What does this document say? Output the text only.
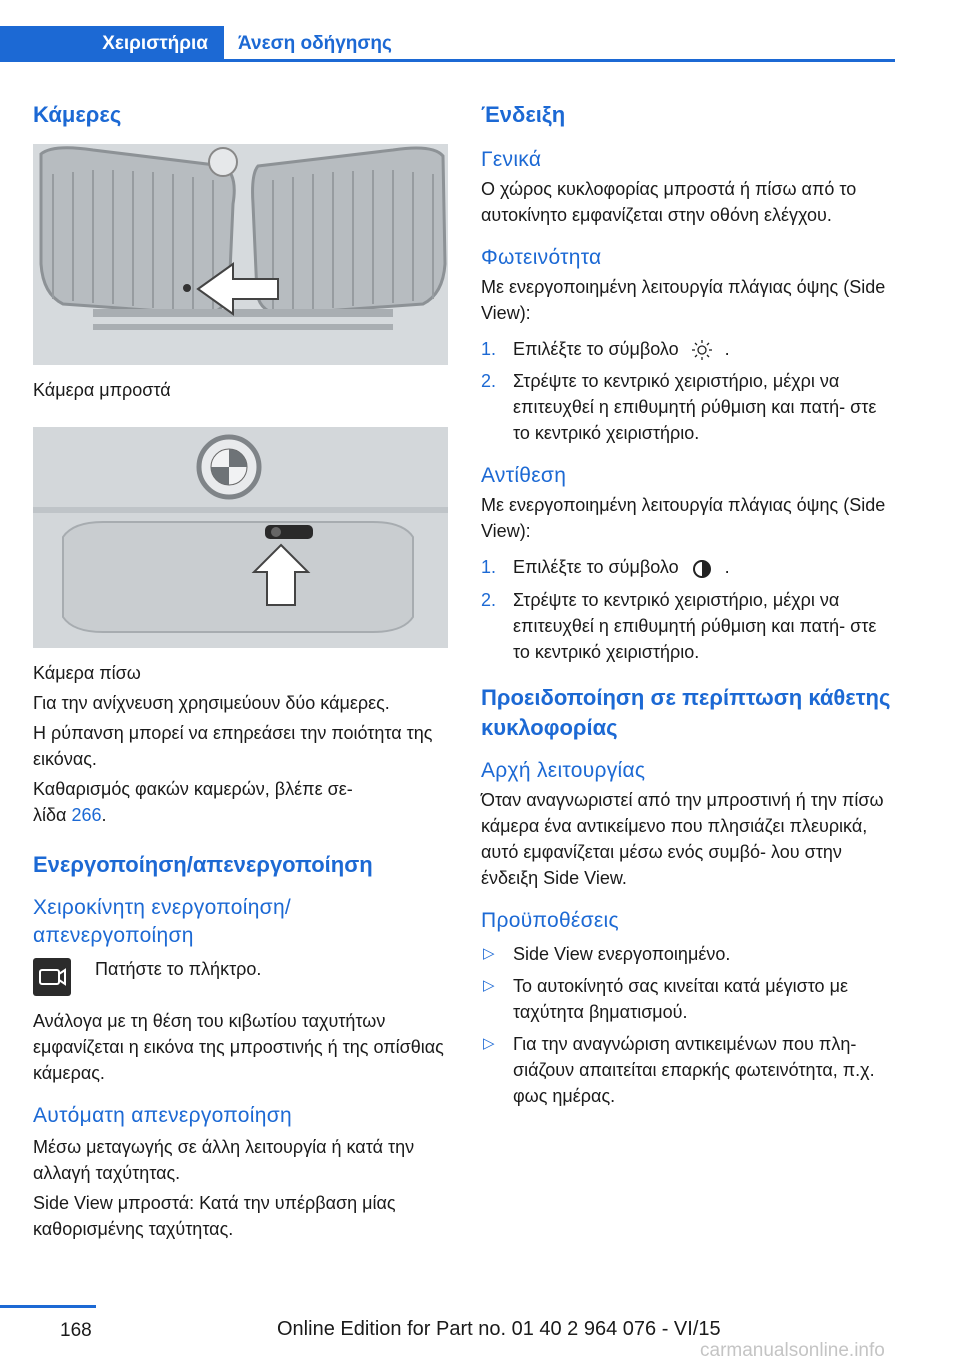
Χειριστήρια	Άνεση οδήγησης
Κάμερες

Κάμερα μπροστά

Κάμερα πίσω

Για την ανίχνευση χρησιμεύουν δύο κάμερες.

Η ρύπανση μπορεί να επηρεάσει την ποιότητα της εικόνας.

Καθαρισμός φακών καμερών, βλέπε σε-
λίδα 266.

Ενεργοποίηση/απενεργοποίηση
Χειροκίνητη ενεργοποίηση/ απενεργοποίηση

Πατήστε το πλήκτρο.

Ανάλογα με τη θέση του κιβωτίου ταχυτήτων εμφανίζεται η εικόνα της μπροστινής ή της οπίσθιας κάμερας.

Αυτόματη απενεργοποίηση

Μέσω μεταγωγής σε άλλη λειτουργία ή κατά την αλλαγή ταχύτητας.

Side View μπροστά: Κατά την υπέρβαση μίας καθορισμένης ταχύτητας.

Ένδειξη
Γενικά

Ο χώρος κυκλοφορίας μπροστά ή πίσω από το αυτοκίνητο εμφανίζεται στην οθόνη ελέγχου.

Φωτεινότητα

Με ενεργοποιημένη λειτουργία πλάγιας όψης (Side View):

1. Επιλέξτε το σύμβολο	.
2. Στρέψτε το κεντρικό χειριστήριο, μέχρι να επιτευχθεί η επιθυμητή ρύθμιση και πατή- στε το κεντρικό χειριστήριο.
Αντίθεση

Με ενεργοποιημένη λειτουργία πλάγιας όψης (Side View):

1. Επιλέξτε το σύμβολο	.
2. Στρέψτε το κεντρικό χειριστήριο, μέχρι να επιτευχθεί η επιθυμητή ρύθμιση και πατή- στε το κεντρικό χειριστήριο.
Προειδοποίηση σε περίπτωση κάθετης κυκλοφορίας
Αρχή λειτουργίας

Όταν αναγνωριστεί από την μπροστινή ή την πίσω κάμερα ένα αντικείμενο που πλησιάζει πλευρικά, αυτό εμφανίζεται μέσω ενός συμβό- λου στην ένδειξη Side View.

Προϋποθέσεις
▷ Side View ενεργοποιημένο.
▷ Το αυτοκίνητό σας κινείται κατά μέγιστο με ταχύτητα βηματισμού.
▷ Για την αναγνώριση αντικειμένων που πλη- σιάζουν απαιτείται επαρκής φωτεινότητα, π.χ. φως ημέρας.
168	Online Edition for Part no. 01 40 2 964 076 - VI/15
carmanualsonline.info
